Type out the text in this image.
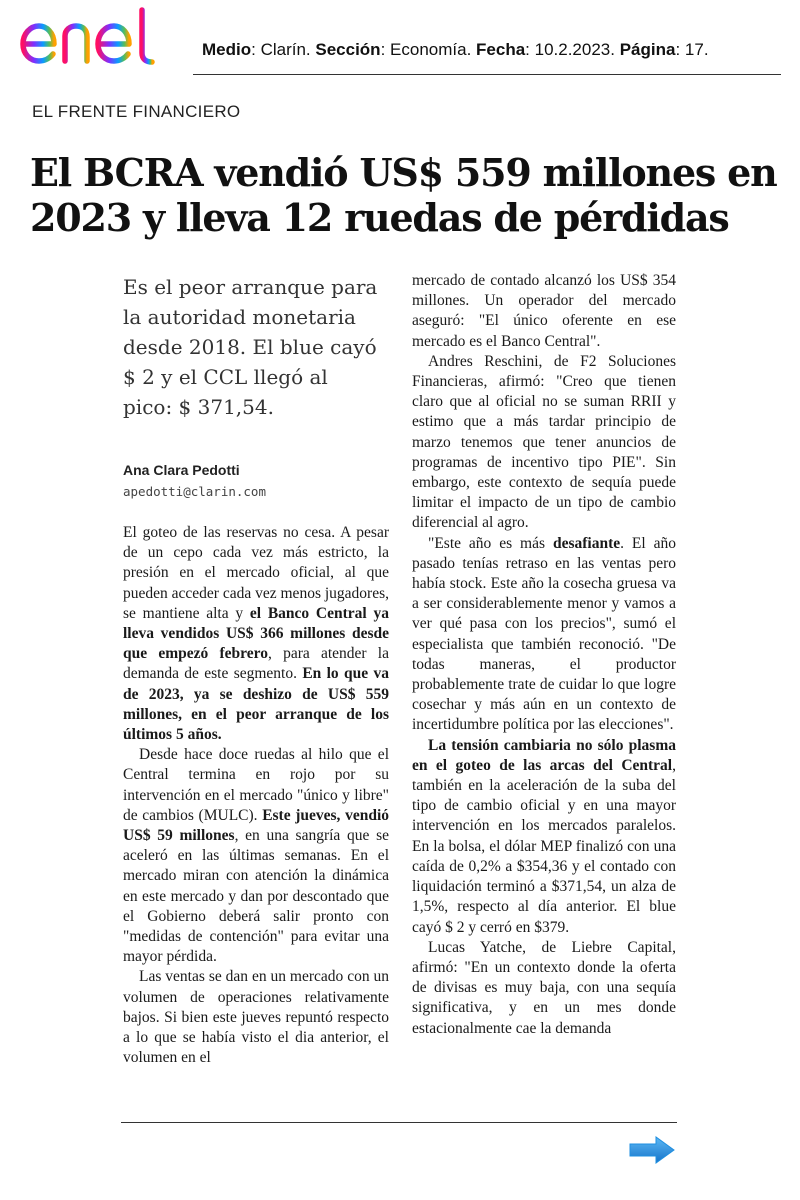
enel
Medio: Clarín. Sección: Economía. Fecha: 10.2.2023. Página: 17.
EL FRENTE FINANCIERO
El BCRA vendió US$ 559 millones en 2023 y lleva 12 ruedas de pérdidas

Es el peor arranque para la autoridad monetaria desde 2018. El blue cayó $ 2 y el CCL llegó al pico: $ 371,54.

Ana Clara Pedotti
apedotti@clarin.com

El goteo de las reservas no cesa. A pesar de un cepo cada vez más estricto, la presión en el mercado oficial, al que pueden acceder cada vez menos jugadores, se mantiene alta y el Banco Central ya lleva vendidos US$ 366 millones desde que empezó febrero, para atender la demanda de este segmento. En lo que va de 2023, ya se deshizo de US$ 559 millones, en el peor arranque de los últimos 5 años.

Desde hace doce ruedas al hilo que el Central termina en rojo por su intervención en el mercado "único y libre" de cambios (MULC). Este jueves, vendió US$ 59 millones, en una sangría que se aceleró en las últimas semanas. En el mercado miran con atención la dinámica en este mercado y dan por descontado que el Gobierno deberá salir pronto con "medidas de contención" para evitar una mayor pérdida.

Las ventas se dan en un mercado con un volumen de operaciones relativamente bajos. Si bien este jueves repuntó respecto a lo que se había visto el dia anterior, el volumen en el

mercado de contado alcanzó los US$ 354 millones. Un operador del mercado aseguró: "El único oferente en ese mercado es el Banco Central".

Andres Reschini, de F2 Soluciones Financieras, afirmó: "Creo que tienen claro que al oficial no se suman RRII y estimo que a más tardar principio de marzo tenemos que tener anuncios de programas de incentivo tipo PIE". Sin embargo, este contexto de sequía puede limitar el impacto de un tipo de cambio diferencial al agro.

"Este año es más desafiante. El año pasado tenías retraso en las ventas pero había stock. Este año la cosecha gruesa va a ser considerablemente menor y vamos a ver qué pasa con los precios", sumó el especialista que también reconoció. "De todas maneras, el productor probablemente trate de cuidar lo que logre cosechar y más aún en un contexto de incertidumbre política por las elecciones".

La tensión cambiaria no sólo plasma en el goteo de las arcas del Central, también en la aceleración de la suba del tipo de cambio oficial y en una mayor intervención en los mercados paralelos. En la bolsa, el dólar MEP finalizó con una caída de 0,2% a $354,36 y el contado con liquidación terminó a $371,54, un alza de 1,5%, respecto al día anterior. El blue cayó $ 2 y cerró en $379.

Lucas Yatche, de Liebre Capital, afirmó: "En un contexto donde la oferta de divisas es muy baja, con una sequía significativa, y en un mes donde estacionalmente cae la demanda
